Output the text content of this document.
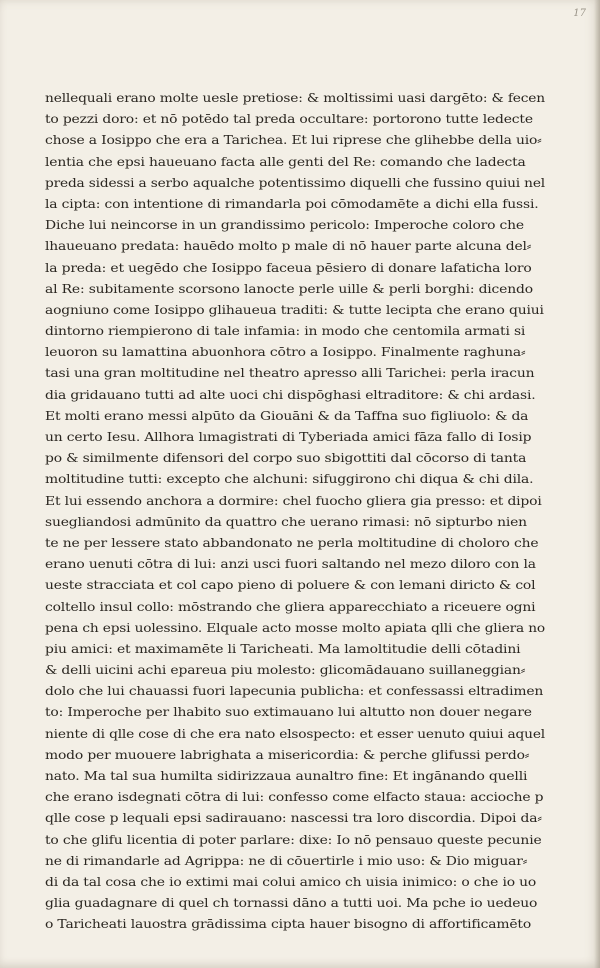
17
nellequali erano molte uesle pretiose: & moltissimi uasi dargēto: & fecen
to pezzi doro: et nō potēdo tal preda occultare: portorono tutte ledecte
chose a Iosippo che era a Tarichea. Et lui riprese che glihebbe della uio⸗
lentia che epsi haueuano facta alle genti del Re: comando che ladecta
preda sidessi a serbo aqualche potentissimo diquelli che fussino quiui nel
la cipta: con intentione di rimandarla poi cōmodamēte a dichi ella fussi.
Diche lui neincorse in un grandissimo pericolo: Imperoche coloro che
lhaueuano predata: hauēdo molto p male di nō hauer parte alcuna del⸗
la preda: et uegēdo che Iosippo faceua pēsiero di donare lafaticha loro
al Re: subitamente scorsono lanocte perle uille & perli borghi: dicendo
aogniuno come Iosippo glihaueua traditi: & tutte lecipta che erano quiui
dintorno riempierono di tale infamia: in modo che centomila armati si
leuoron su lamattina abuonhora cōtro a Iosippo. Finalmente raghuna⸗
tasi una gran moltitudine nel theatro apresso alli Tarichei: perla iracun
dia gridauano tutti ad alte uoci chi dispōghasi eltraditore: & chi ardasi.
Et molti erano messi alpūto da Giouāni & da Taffna suo figliuolo: & da
un certo Iesu. Allhora lımagistrati di Tyberiada amici fāza fallo di Iosip
po & similmente difensori del corpo suo sbigottiti dal cōcorso di tanta
moltitudine tutti: excepto che alchuni: sifuggirono chi diqua & chi dila.
Et lui essendo anchora a dormire: chel fuocho gliera gia presso: et dipoi
suegliandosi admūnito da quattro che uerano rimasi: nō sipturbo nien
te ne per lessere stato abbandonato ne perla moltitudine di choloro che
erano uenuti cōtra di lui: anzi usci fuori saltando nel mezo diloro con la
ueste stracciata et col capo pieno di poluere & con lemani diricto & col
coltello insul collo: mōstrando che gliera apparecchiato a riceuere ogni
pena ch epsi uolessino. Elquale acto mosse molto apiata qlli che gliera no
piu amici: et maximamēte li Taricheati. Ma lamoltitudie delli cōtadini
& delli uicini achi epareua piu molesto: glicomādauano suillaneggian⸗
dolo che lui chauassi fuori lapecunia publicha: et confessassi eltradimen
to: Imperoche per lhabito suo extimauano lui altutto non douer negare
niente di qlle cose di che era nato elsospecto: et esser uenuto quiui aquel
modo per muouere labrighata a misericordia: & perche glifussi perdo⸗
nato. Ma tal sua humilta sidirizzaua aunaltro fine: Et ingānando quelli
che erano isdegnati cōtra di lui: confesso come elfacto staua: accioche p
qlle cose p lequali epsi sadirauano: nascessi tra loro discordia. Dipoi da⸗
to che glifu licentia di poter parlare: dixe: Io nō pensauo queste pecunie
ne di rimandarle ad Agrippa: ne di cōuertirle i mio uso: & Dio miguar⸗
di da tal cosa che io extimi mai colui amico ch uisia inimico: o che io uo
glia guadagnare di quel ch tornassi dāno a tutti uoi. Ma pche io uedeuo
o Taricheati lauostra grādissima cipta hauer bisogno di affortificamēto
